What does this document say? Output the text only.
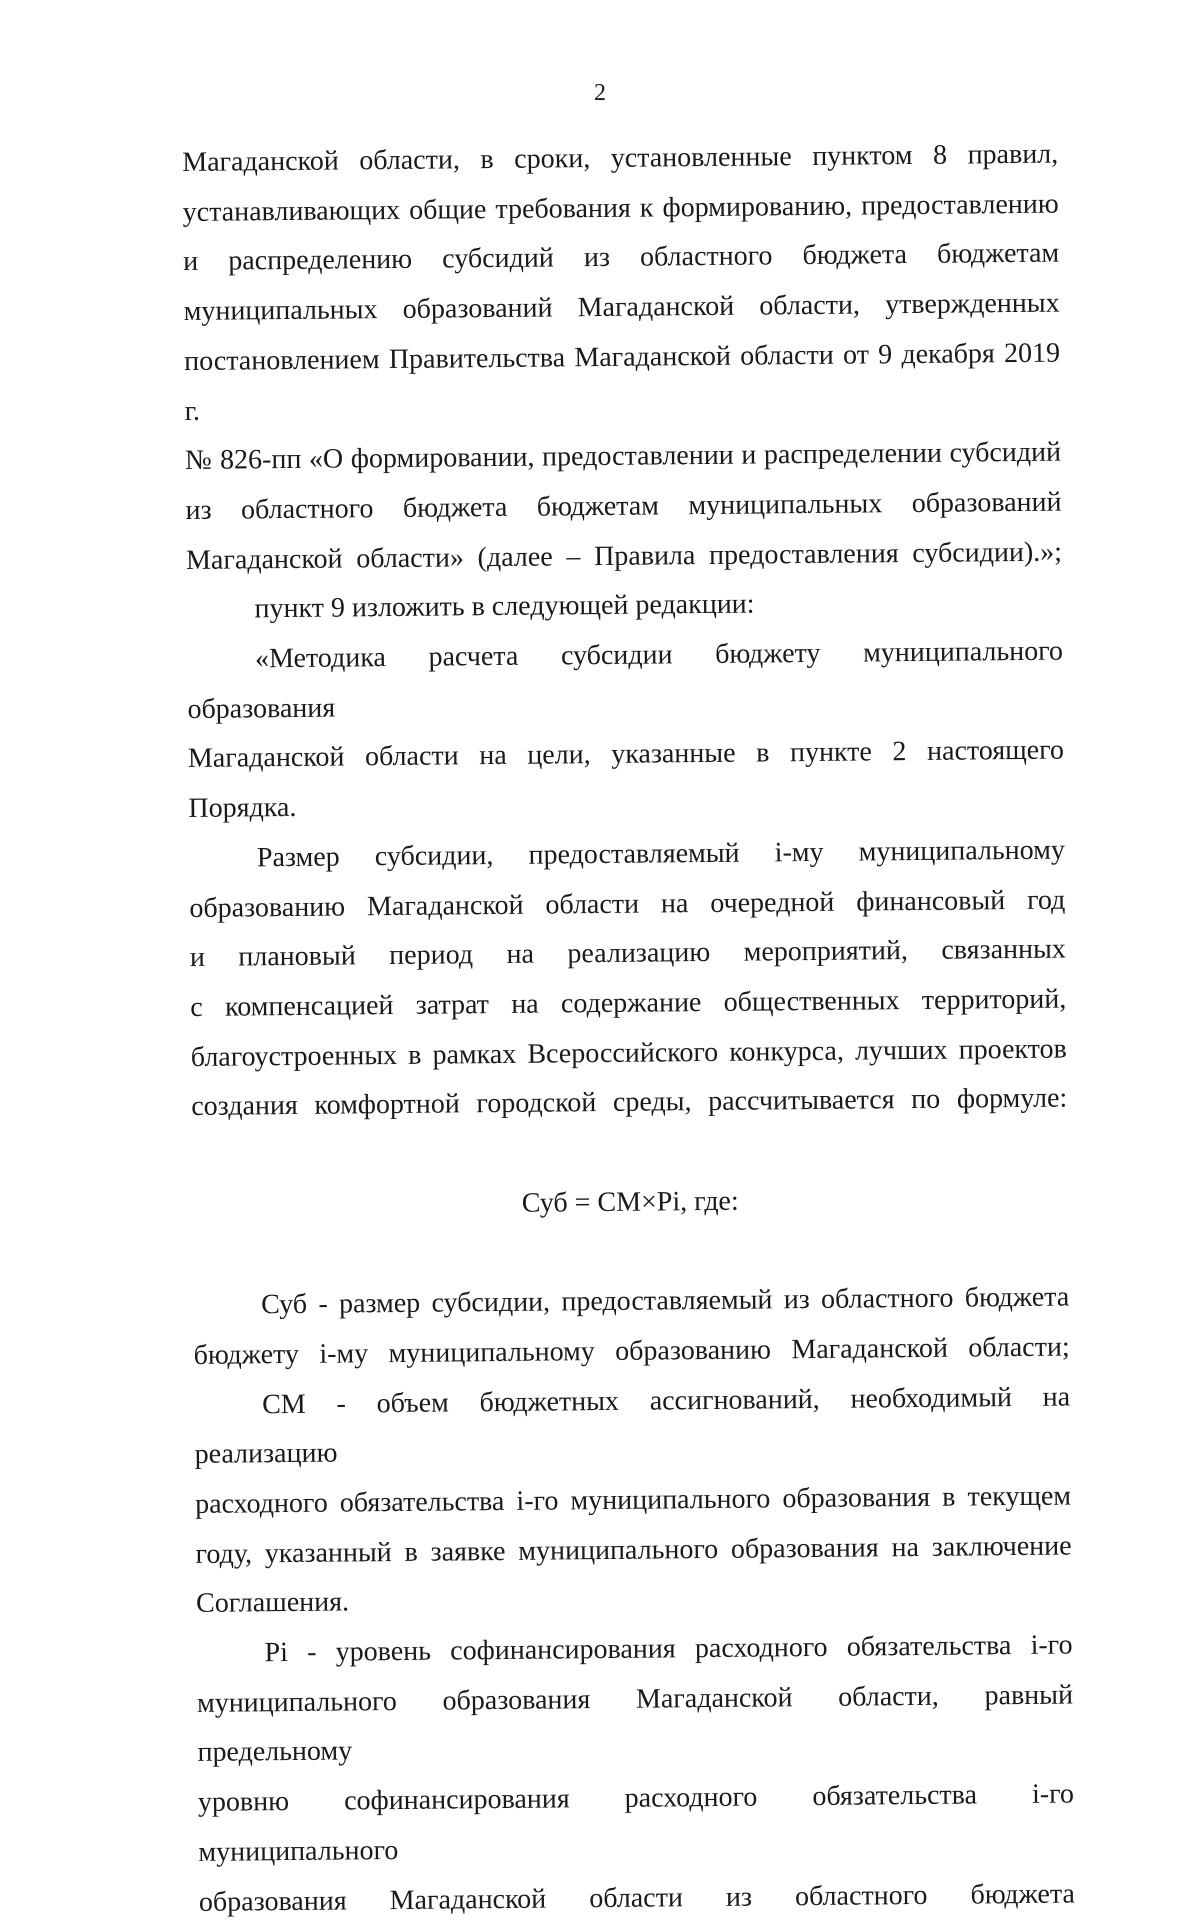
2

Магаданской области, в сроки, установленные пунктом 8 правил,

устанавливающих общие требования к формированию, предоставлению

и распределению субсидий из областного бюджета бюджетам

муниципальных образований Магаданской области, утвержденных

постановлением Правительства Магаданской области от 9 декабря 2019 г.

№ 826-пп «О формировании, предоставлении и распределении субсидий

из областного бюджета бюджетам муниципальных образований

Магаданской области» (далее – Правила предоставления субсидии).»;

пункт 9 изложить в следующей редакции:

«Методика расчета субсидии бюджету муниципального образования

Магаданской области на цели, указанные в пункте 2 настоящего Порядка.

Размер субсидии, предоставляемый i-му муниципальному

образованию Магаданской области на очередной финансовый год

и плановый период на реализацию мероприятий, связанных

с компенсацией затрат на содержание общественных территорий,

благоустроенных в рамках Всероссийского конкурса, лучших проектов

создания комфортной городской среды, рассчитывается по формуле:

Суб = СМ×Pi, где:

Суб - размер субсидии, предоставляемый из областного бюджета

бюджету i-му муниципальному образованию Магаданской области;

СМ - объем бюджетных ассигнований, необходимый на реализацию

расходного обязательства i-го муниципального образования в текущем

году, указанный в заявке муниципального образования на заключение

Соглашения.

Pi - уровень софинансирования расходного обязательства i-го

муниципального образования Магаданской области, равный предельному

уровню софинансирования расходного обязательства i-го муниципального

образования Магаданской области из областного бюджета
